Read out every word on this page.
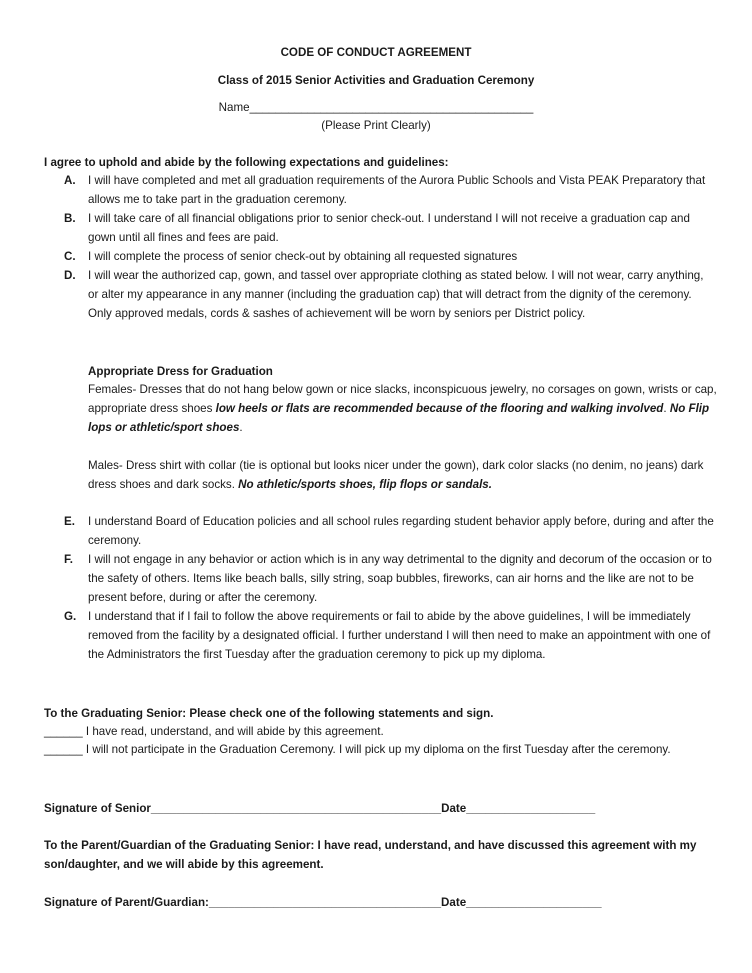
CODE OF CONDUCT AGREEMENT
Class of 2015 Senior Activities and Graduation Ceremony
Name____________________________________________
(Please Print Clearly)
I agree to uphold and abide by the following expectations and guidelines:
A. I will have completed and met all graduation requirements of the Aurora Public Schools and Vista PEAK Preparatory that allows me to take part in the graduation ceremony.
B. I will take care of all financial obligations prior to senior check-out. I understand I will not receive a graduation cap and gown until all fines and fees are paid.
C. I will complete the process of senior check-out by obtaining all requested signatures
D. I will wear the authorized cap, gown, and tassel over appropriate clothing as stated below. I will not wear, carry anything, or alter my appearance in any manner (including the graduation cap) that will detract from the dignity of the ceremony. Only approved medals, cords & sashes of achievement will be worn by seniors per District policy.
Appropriate Dress for Graduation
Females- Dresses that do not hang below gown or nice slacks, inconspicuous jewelry, no corsages on gown, wrists or cap, appropriate dress shoes low heels or flats are recommended because of the flooring and walking involved. No Flip lops or athletic/sport shoes.
Males- Dress shirt with collar (tie is optional but looks nicer under the gown), dark color slacks (no denim, no jeans) dark dress shoes and dark socks. No athletic/sports shoes, flip flops or sandals.
E. I understand Board of Education policies and all school rules regarding student behavior apply before, during and after the ceremony.
F. I will not engage in any behavior or action which is in any way detrimental to the dignity and decorum of the occasion or to the safety of others. Items like beach balls, silly string, soap bubbles, fireworks, can air horns and the like are not to be present before, during or after the ceremony.
G. I understand that if I fail to follow the above requirements or fail to abide by the above guidelines, I will be immediately removed from the facility by a designated official. I further understand I will then need to make an appointment with one of the Administrators the first Tuesday after the graduation ceremony to pick up my diploma.
To the Graduating Senior: Please check one of the following statements and sign.
______ I have read, understand, and will abide by this agreement.
______ I will not participate in the Graduation Ceremony. I will pick up my diploma on the first Tuesday after the ceremony.
Signature of Senior_____________________________________________Date____________________
To the Parent/Guardian of the Graduating Senior: I have read, understand, and have discussed this agreement with my son/daughter, and we will abide by this agreement.
Signature of Parent/Guardian:____________________________________Date_____________________
